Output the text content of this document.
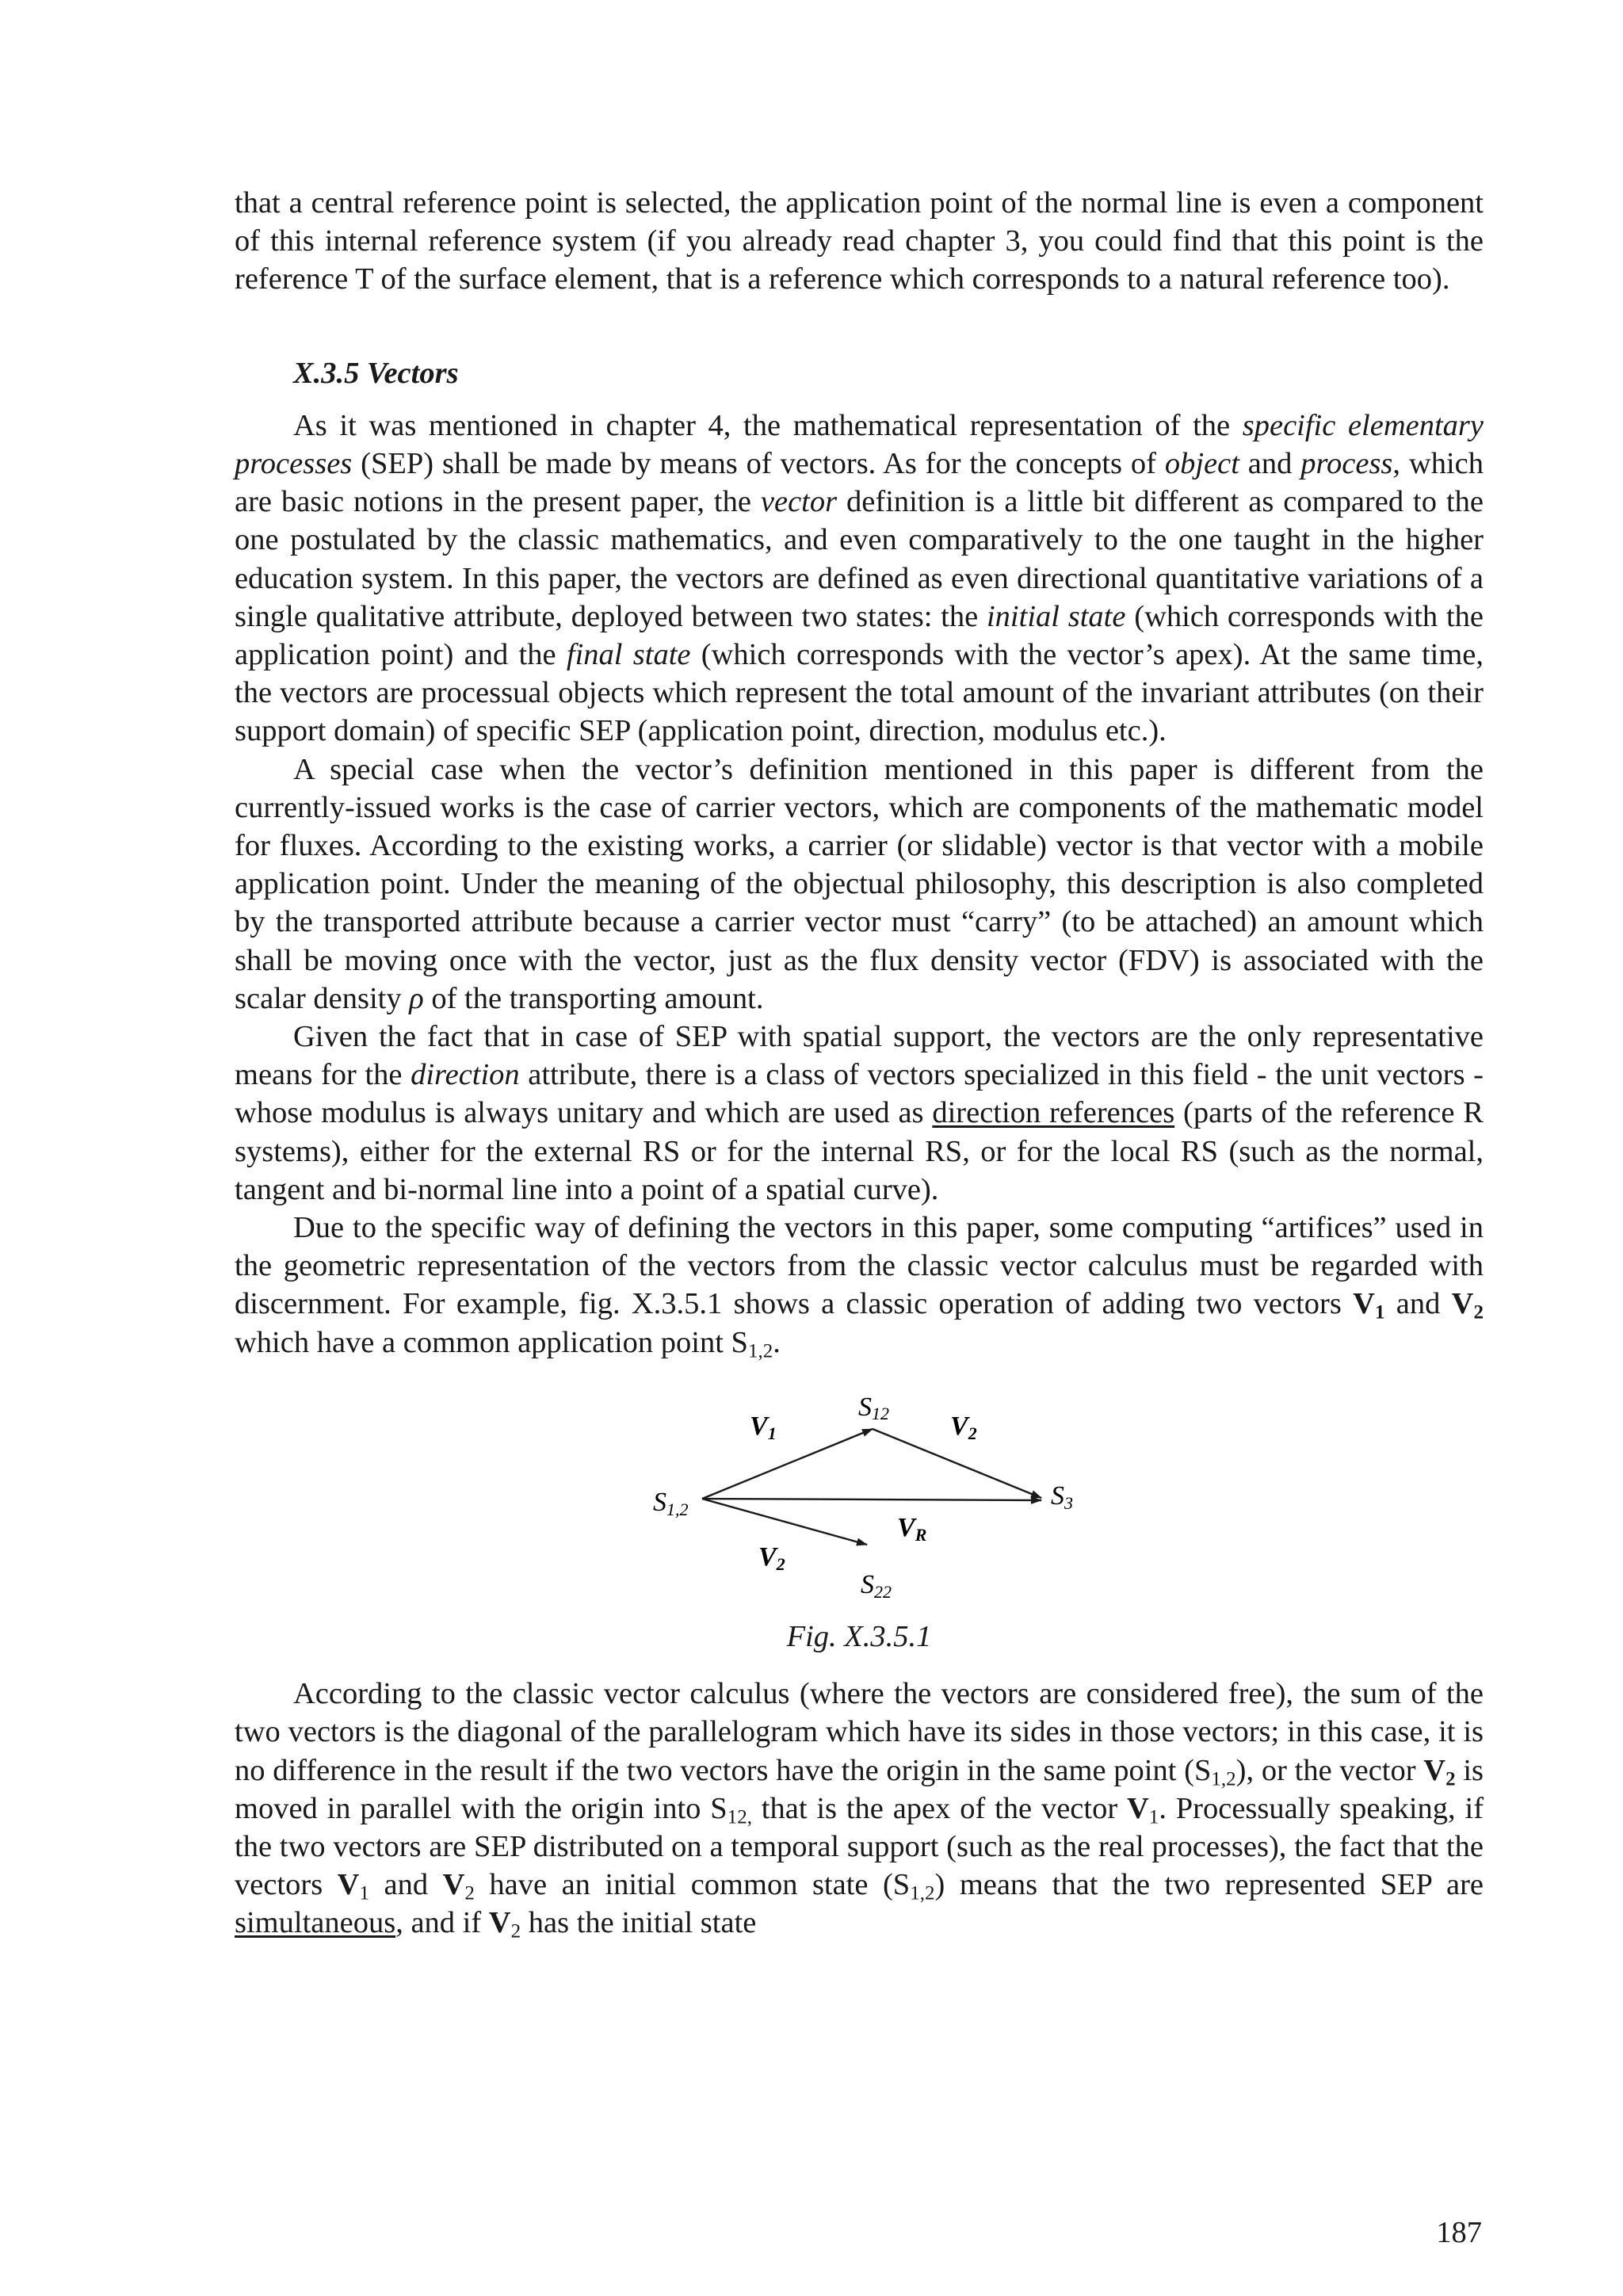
that a central reference point is selected, the application point of the normal line is even a component of this internal reference system (if you already read chapter 3, you could find that this point is the reference T of the surface element, that is a reference which corresponds to a natural reference too).

X.3.5 Vectors

As it was mentioned in chapter 4, the mathematical representation of the specific elementary processes (SEP) shall be made by means of vectors. As for the concepts of object and process, which are basic notions in the present paper, the vector definition is a little bit different as compared to the one postulated by the classic mathematics, and even comparatively to the one taught in the higher education system. In this paper, the vectors are defined as even directional quantitative variations of a single qualitative attribute, deployed between two states: the initial state (which corresponds with the application point) and the final state (which corresponds with the vector’s apex). At the same time, the vectors are processual objects which represent the total amount of the invariant attributes (on their support domain) of specific SEP (application point, direction, modulus etc.).

A special case when the vector’s definition mentioned in this paper is different from the currently-issued works is the case of carrier vectors, which are components of the mathematic model for fluxes. According to the existing works, a carrier (or slidable) vector is that vector with a mobile application point. Under the meaning of the objectual philosophy, this description is also completed by the transported attribute because a carrier vector must “carry” (to be attached) an amount which shall be moving once with the vector, just as the flux density vector (FDV) is associated with the scalar density ρ of the transporting amount.

Given the fact that in case of SEP with spatial support, the vectors are the only representative means for the direction attribute, there is a class of vectors specialized in this field - the unit vectors - whose modulus is always unitary and which are used as direction references (parts of the reference R systems), either for the external RS or for the internal RS, or for the local RS (such as the normal, tangent and bi-normal line into a point of a spatial curve).

Due to the specific way of defining the vectors in this paper, some computing “artifices” used in the geometric representation of the vectors from the classic vector calculus must be regarded with discernment. For example, fig. X.3.5.1 shows a classic operation of adding two vectors $V_1$ and $V_2$ which have a common application point $S_{1,2}$.

V1
S12 V2
S1,2	S3
VR
V2
S22
Fig. X.3.5.1

According to the classic vector calculus (where the vectors are considered free), the sum of the two vectors is the diagonal of the parallelogram which have its sides in those vectors; in this case, it is no difference in the result if the two vectors have the origin in the same point $(S_{1,2})$, or the vector $V_2$ is moved in parallel with the origin into $S_{12,}$ that is the apex of the vector $V_1$. Processually speaking, if the two vectors are SEP distributed on a temporal support (such as the real processes), the fact that the vectors $V_1$ and $V_2$ have an initial common state $(S_{1,2})$ means that the two represented SEP are simultaneous, and if $V_2$ has the initial state

187
